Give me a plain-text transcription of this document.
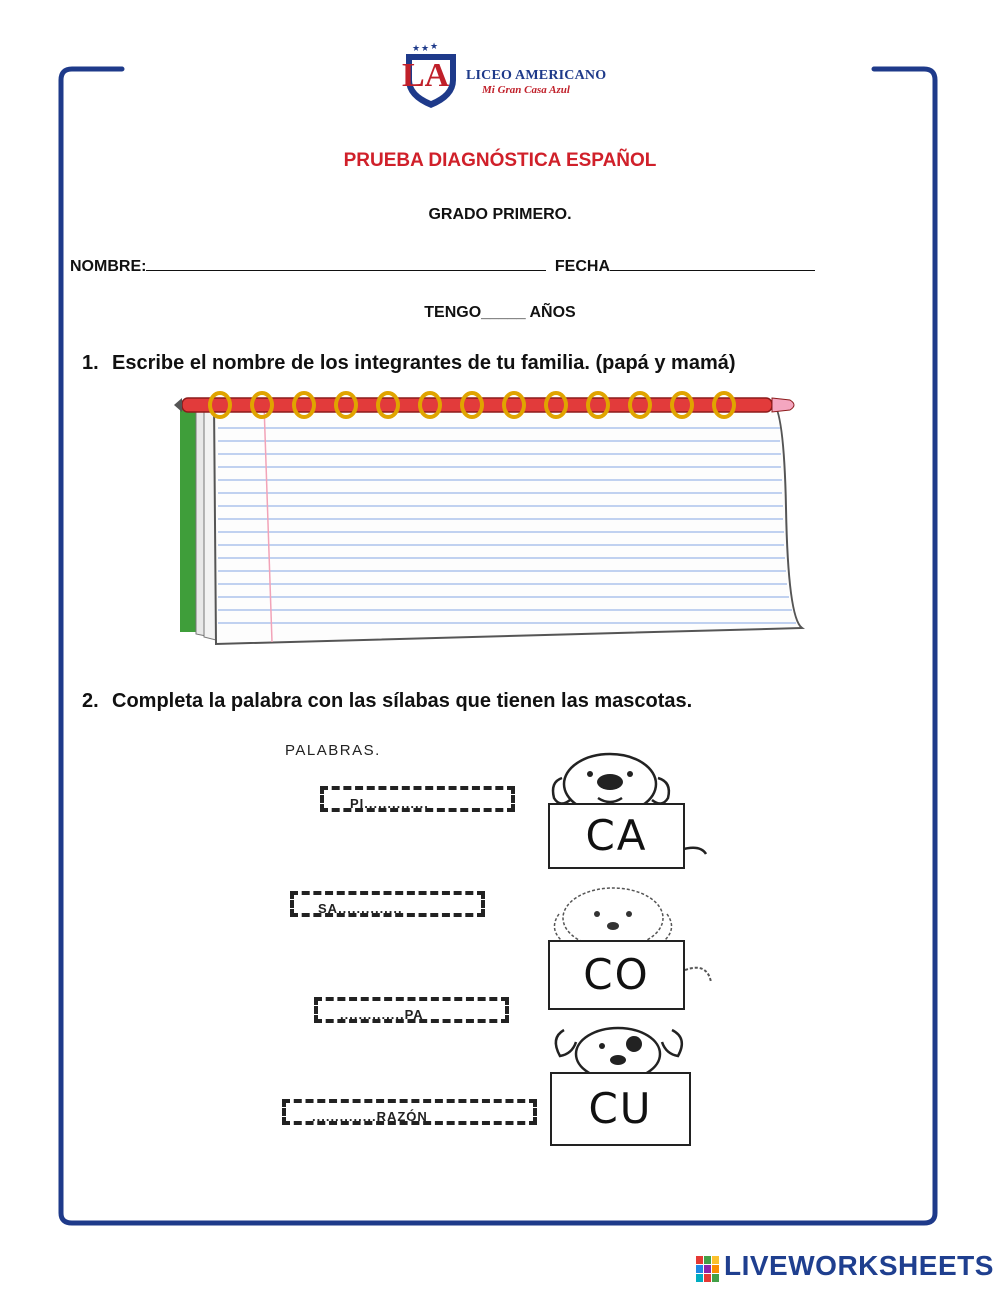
LA
★ ★
★
LICEO AMERICANO
Mi Gran Casa Azul
PRUEBA DIAGNÓSTICA ESPAÑOL
GRADO PRIMERO.
NOMBRE:	FECHA
TENGO_____ AÑOS
1. Escribe el nombre de los integrantes de tu familia. (papá y mamá)
2. Completa la palabra con las sílabas que tienen las mascotas.
PALABRAS.
PI..............
SA..............
..............PA
..............RAZÓN
CA
CO
CU
LIVEWORKSHEETS
